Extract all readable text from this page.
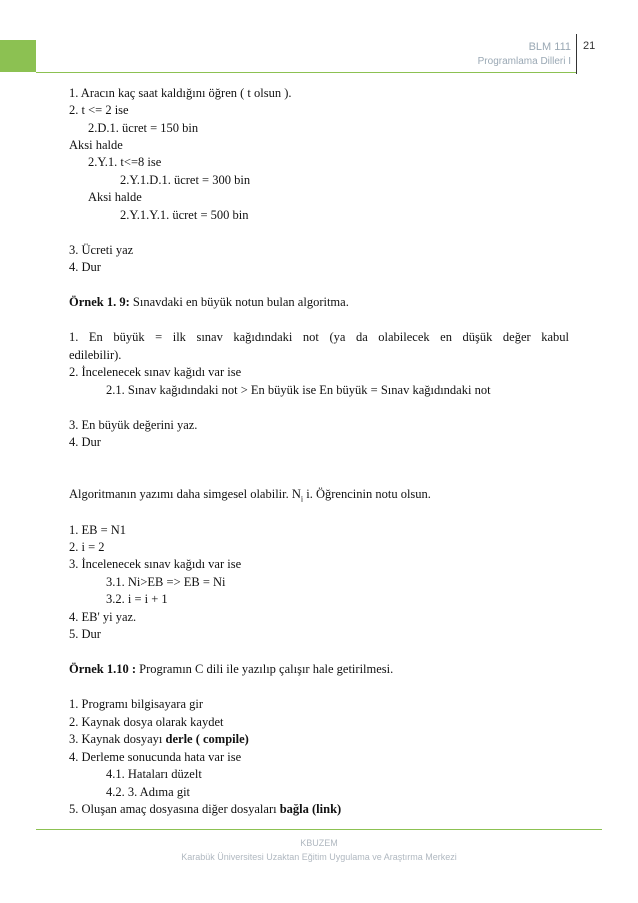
BLM 111
Programlama Dilleri I
21
1. Aracın kaç saat kaldığını öğren ( t olsun ).
2. t <= 2 ise
2.D.1. ücret = 150 bin
Aksi halde
2.Y.1. t<=8 ise
2.Y.1.D.1. ücret = 300 bin
Aksi halde
2.Y.1.Y.1. ücret = 500 bin
3. Ücreti yaz
4. Dur
Örnek 1. 9: Sınavdaki en büyük notun bulan algoritma.
1. En büyük = ilk sınav kağıdındaki not (ya da olabilecek en düşük değer kabul
edilebilir).
2. İncelenecek sınav kağıdı var ise
2.1. Sınav kağıdındaki not > En büyük ise En büyük = Sınav kağıdındaki not
3. En büyük değerini yaz.
4. Dur
Algoritmanın yazımı daha simgesel olabilir. $N_i$ i. Öğrencinin notu olsun.
1. EB = N1
2. i = 2
3. İncelenecek sınav kağıdı var ise
3.1. Ni>EB => EB = Ni
3.2. i = i + 1
4. EB' yi yaz.
5. Dur
Örnek 1.10 : Programın C dili ile yazılıp çalışır hale getirilmesi.
1. Programı bilgisayara gir
2. Kaynak dosya olarak kaydet
3. Kaynak dosyayı derle ( compile)
4. Derleme sonucunda hata var ise
4.1. Hataları düzelt
4.2. 3. Adıma git
5. Oluşan amaç dosyasına diğer dosyaları bağla (link)
KBUZEM
Karabük Üniversitesi Uzaktan Eğitim Uygulama ve Araştırma Merkezi
